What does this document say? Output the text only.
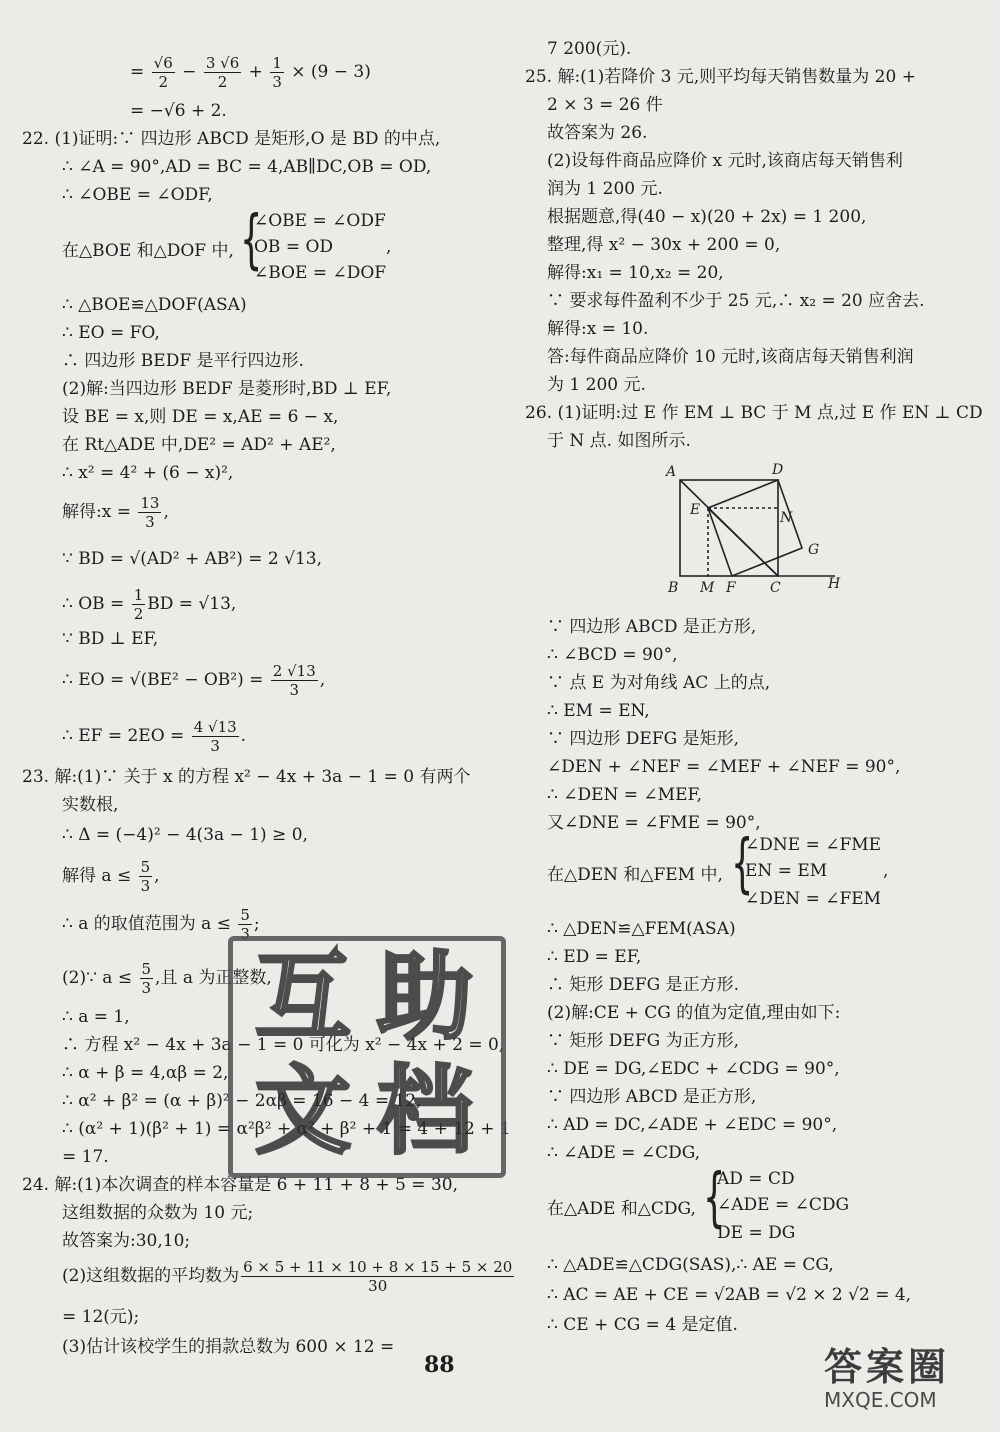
= $\frac{√6}{2} - \frac{3 √6}{2} + \frac{1}{3} \times (9 - 3)$
= −√6 + 2.
22. (1)证明:∵ 四边形 ABCD 是矩形,O 是 BD 的中点,
∴ ∠A = 90°,AD = BC = 4,AB∥DC,OB = OD,
∴ ∠OBE = ∠ODF,
在△BOE 和△DOF 中, {
∠OBE = ∠ODF
OB = OD
∠BOE = ∠DOF
,
∴ △BOE≌△DOF(ASA)
∴ EO = FO,
∴ 四边形 BEDF 是平行四边形.
(2)解:当四边形 BEDF 是菱形时,BD ⊥ EF,
设 BE = x,则 DE = x,AE = 6 − x,
在 Rt△ADE 中,DE² = AD² + AE²,
∴ x² = 4² + (6 − x)²,
解得:x = $\frac{13}{3}$ ,
∵ BD = √(AD² + AB²) = 2 √13,
∴ OB = $\frac{1}{2}$ BD = √13,
∵ BD ⊥ EF,
∴ EO = $√(BE^2 - OB^2) = \frac{2 √13}{3}$ ,
∴ EF = $2EO = \frac{4 √13}{3}$ .
23. 解:(1)∵ 关于 x 的方程 x² − 4x + 3a − 1 = 0 有两个
实数根,
∴ Δ = (−4)² − 4(3a − 1) ≥ 0,
解得 $a \le \frac{5}{3}$ ,
∴ a 的取值范围为 $a \le \frac{5}{3}$ ;
(2)∵ $a \le \frac{5}{3}$ ,且 a 为正整数,
∴ a = 1,
∴ 方程 x² − 4x + 3a − 1 = 0 可化为 x² − 4x + 2 = 0,
∴ α + β = 4,αβ = 2,
∴ α² + β² = (α + β)² − 2αβ = 16 − 4 = 12,
∴ (α² + 1)(β² + 1) = α²β² + α² + β² + 1 = 4 + 12 + 1
= 17.
24. 解:(1)本次调查的样本容量是 6 + 11 + 8 + 5 = 30,
这组数据的众数为 10 元;
故答案为:30,10;
(2)这组数据的平均数为 $\frac{6 \times 5 + 11 \times 10 + 8 \times 15 + 5 \times 20}{30}$
= 12(元);
(3)估计该校学生的捐款总数为 600 × 12 =
7 200(元).
25. 解:(1)若降价 3 元,则平均每天销售数量为 20 +
2 × 3 = 26 件
故答案为 26.
(2)设每件商品应降价 x 元时,该商店每天销售利
润为 1 200 元.
根据题意,得(40 − x)(20 + 2x) = 1 200,
整理,得 x² − 30x + 200 = 0,
解得:x₁ = 10,x₂ = 20,
∵ 要求每件盈利不少于 25 元,∴ x₂ = 20 应舍去.
解得:x = 10.
答:每件商品应降价 10 元时,该商店每天销售利润
为 1 200 元.
26. (1)证明:过 E 作 EM ⊥ BC 于 M 点,过 E 作 EN ⊥ CD
于 N 点. 如图所示.
∵ 四边形 ABCD 是正方形,
∴ ∠BCD = 90°,
∵ 点 E 为对角线 AC 上的点,
∴ EM = EN,
∵ 四边形 DEFG 是矩形,
∠DEN + ∠NEF = ∠MEF + ∠NEF = 90°,
∴ ∠DEN = ∠MEF,
又∠DNE = ∠FME = 90°,
在△DEN 和△FEM 中, {
∠DNE = ∠FME
EN = EM
∠DEN = ∠FEM
,
∴ △DEN≌△FEM(ASA)
∴ ED = EF,
∴ 矩形 DEFG 是正方形.
(2)解:CE + CG 的值为定值,理由如下:
∵ 矩形 DEFG 为正方形,
∴ DE = DG,∠EDC + ∠CDG = 90°,
∵ 四边形 ABCD 是正方形,
∴ AD = DC,∠ADE + ∠EDC = 90°,
∴ ∠ADE = ∠CDG,
在△ADE 和△CDG, {
AD = CD
∠ADE = ∠CDG
DE = DG
∴ △ADE≌△CDG(SAS),∴ AE = CG,
∴ AC = AE + CE = √2AB = √2 × 2 √2 = 4,
∴ CE + CG = 4 是定值.
A	D
E	N
G
B M F C	H
互 助
文 档
88	答案圈
MXQE.COM
